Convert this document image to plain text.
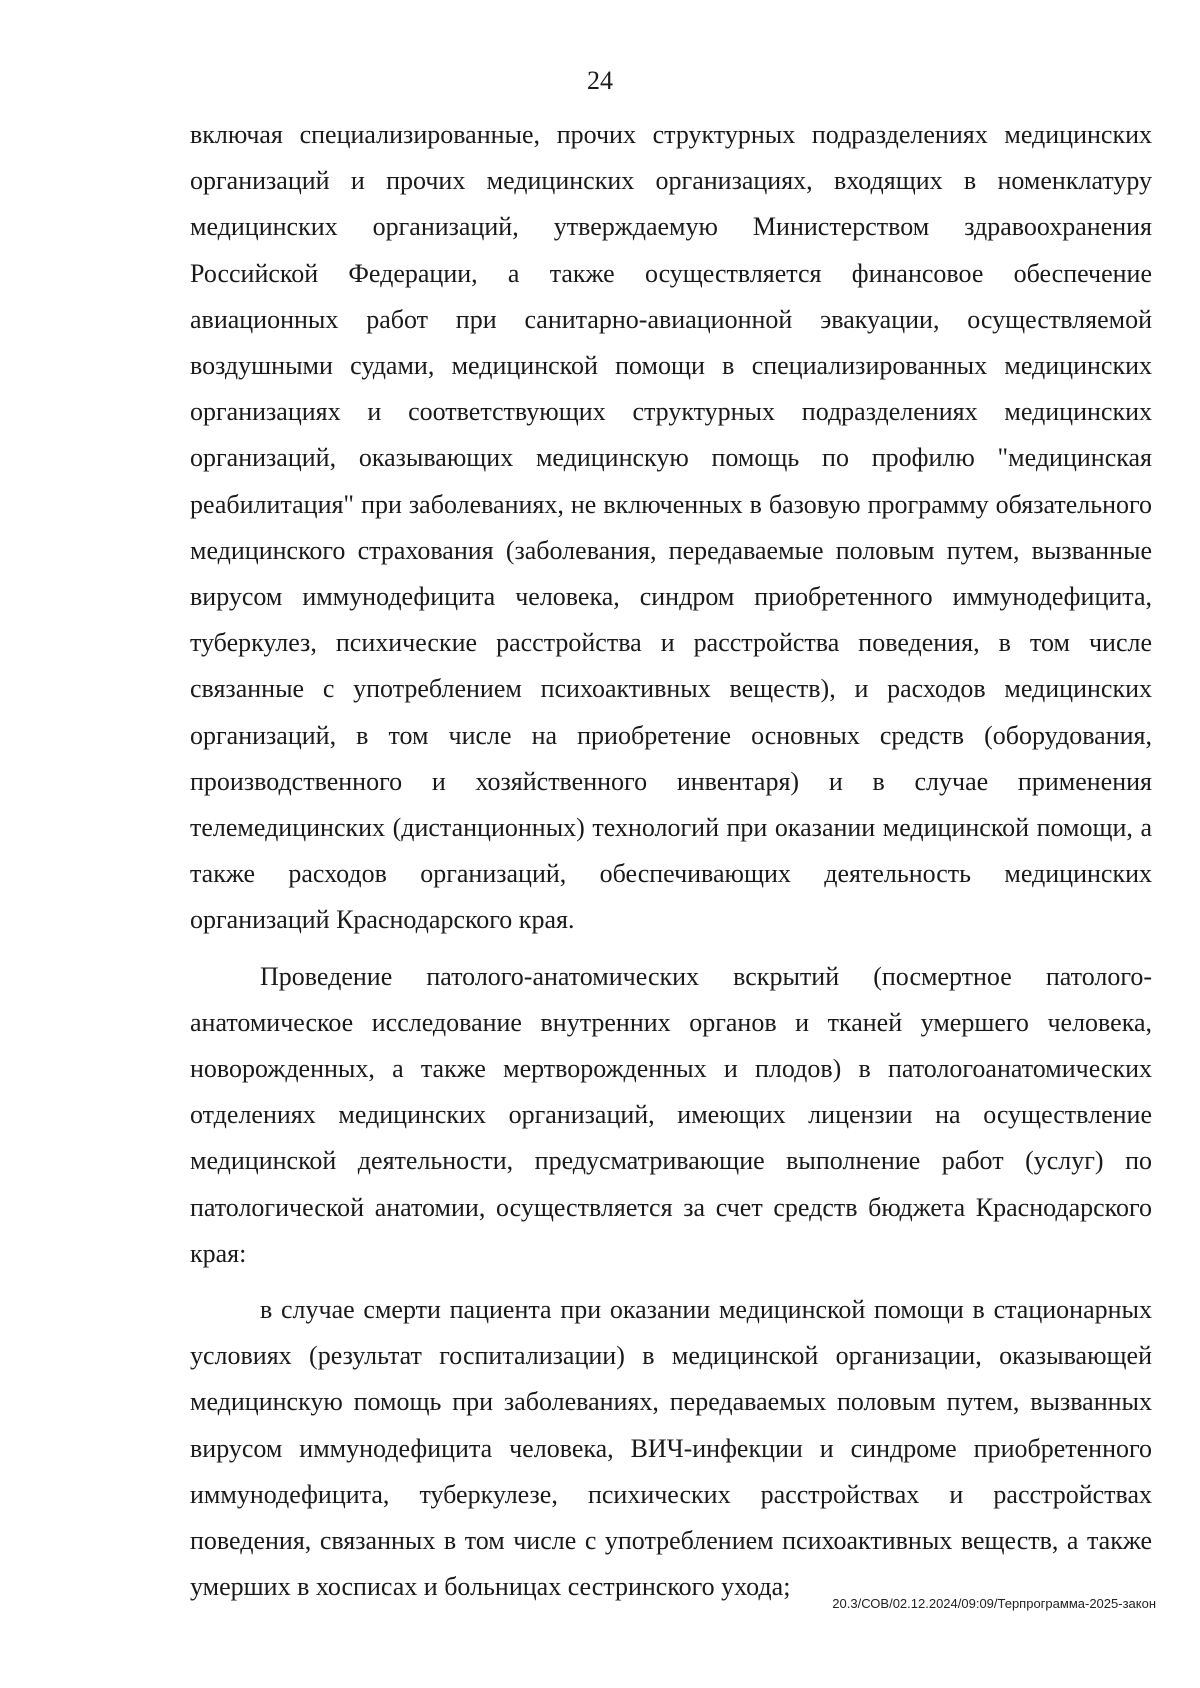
24

включая специализированные, прочих структурных подразделениях медицинских организаций и прочих медицинских организациях, входящих в номенклатуру медицинских организаций, утверждаемую Министерством здравоохранения Российской Федерации, а также осуществляется финансовое обеспечение авиационных работ при санитарно-авиационной эвакуации, осуществляемой воздушными судами, медицинской помощи в специализированных медицинских организациях и соответствующих структурных подразделениях медицинских организаций, оказывающих медицинскую помощь по профилю "медицинская реабилитация" при заболеваниях, не включенных в базовую программу обязательного медицинского страхования (заболевания, передаваемые половым путем, вызванные вирусом иммунодефицита человека, синдром приобретенного иммунодефицита, туберкулез, психические расстройства и расстройства поведения, в том числе связанные с употреблением психоактивных веществ), и расходов медицинских организаций, в том числе на приобретение основных средств (оборудования, производственного и хозяйственного инвентаря) и в случае применения телемедицинских (дистанционных) технологий при оказании медицинской помощи, а также расходов организаций, обеспечивающих деятельность медицинских организаций Краснодарского края.

Проведение патолого-анатомических вскрытий (посмертное патолого-анатомическое исследование внутренних органов и тканей умершего человека, новорожденных, а также мертворожденных и плодов) в патологоанатомических отделениях медицинских организаций, имеющих лицензии на осуществление медицинской деятельности, предусматривающие выполнение работ (услуг) по патологической анатомии, осуществляется за счет средств бюджета Краснодарского края:

в случае смерти пациента при оказании медицинской помощи в стационарных условиях (результат госпитализации) в медицинской организации, оказывающей медицинскую помощь при заболеваниях, передаваемых половым путем, вызванных вирусом иммунодефицита человека, ВИЧ-инфекции и синдроме приобретенного иммунодефицита, туберкулезе, психических расстройствах и расстройствах поведения, связанных в том числе с употреблением психоактивных веществ, а также умерших в хосписах и больницах сестринского ухода;

20.3/СОВ/02.12.2024/09:09/Терпрограмма-2025-закон
